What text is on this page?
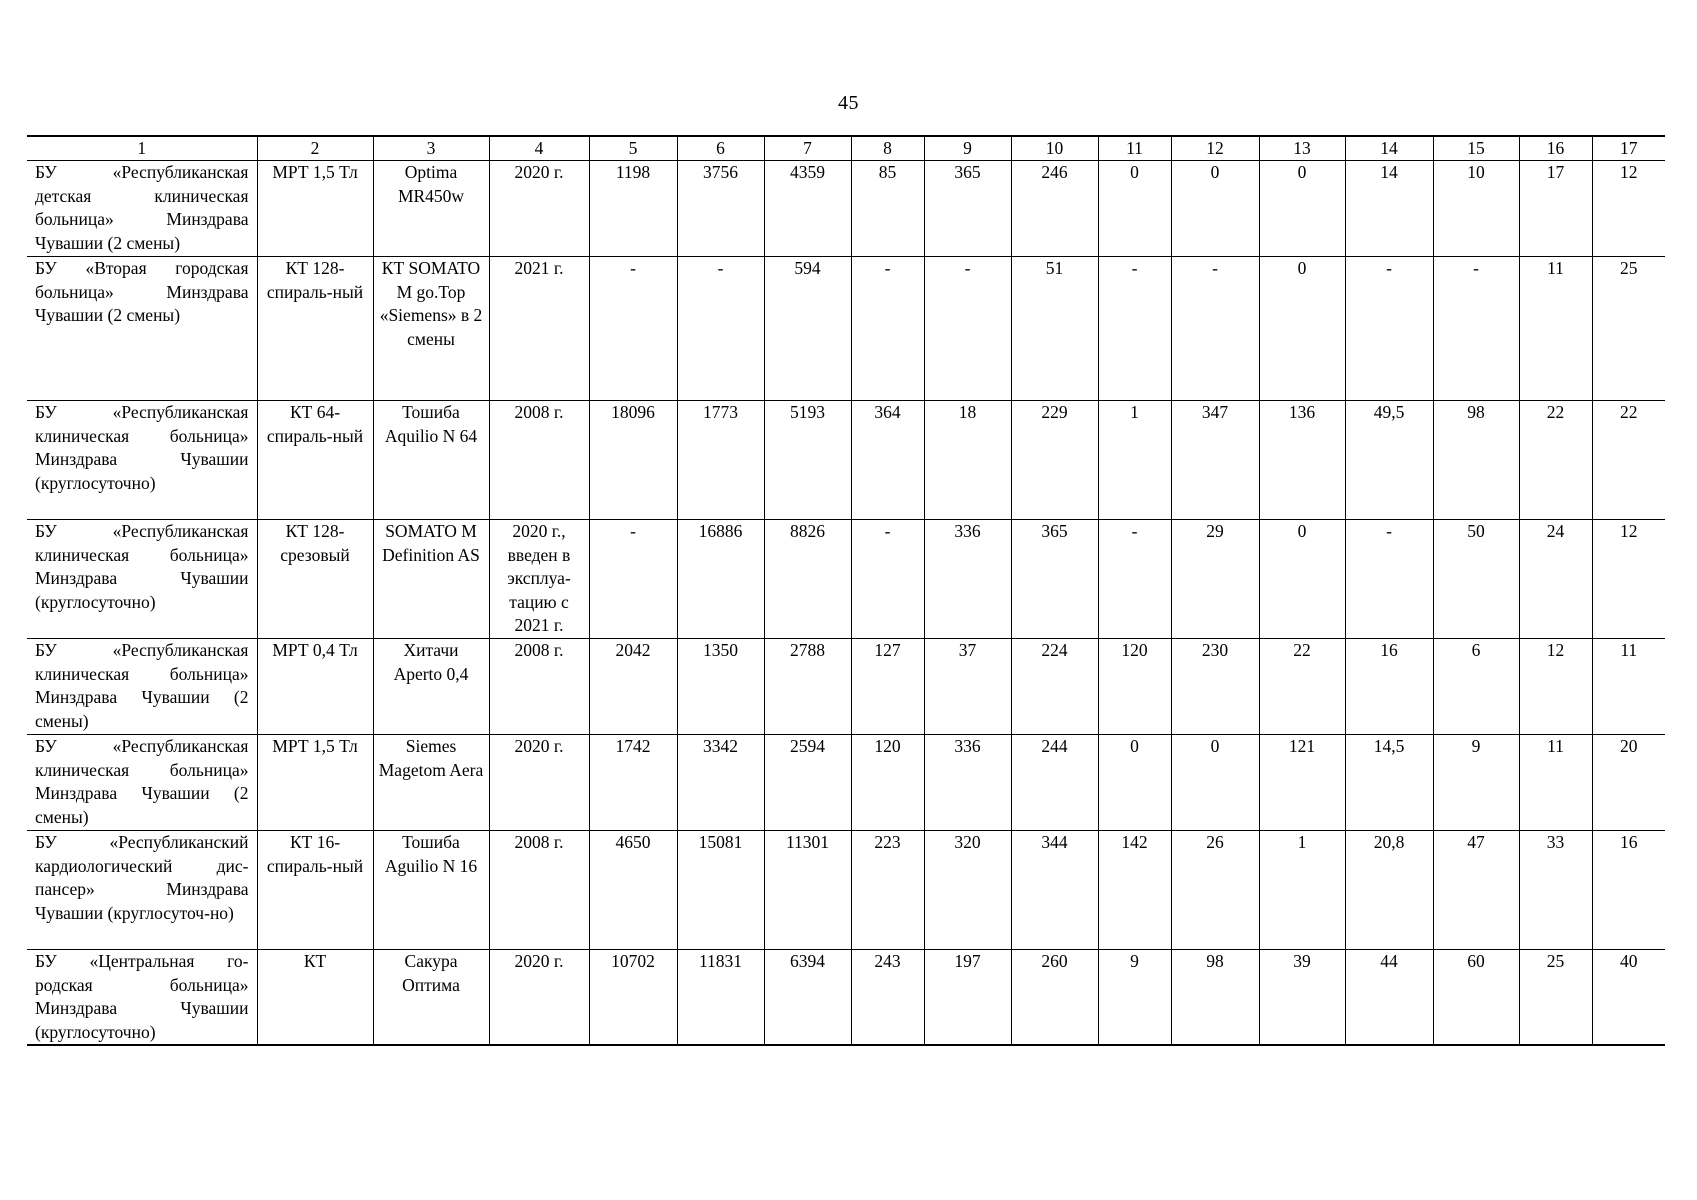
45
1	2	3	4	5	6	7	8	9	10	11	12	13	14	15	16	17
БУ «Республиканская детская клиническая больница» Минздрава Чувашии (2 смены)	МРТ 1,5 Тл	Optima MR450w	2020 г.	1198	3756	4359	85	365	246	0	0	0	14	10	17	12
БУ «Вторая городская больница» Минздрава Чувашии (2 смены)	КТ 128-спираль-ный	КТ SOMATO M go.Top «Siemens» в 2 смены	2021 г.	-	-	594	-	-	51	-	-	0	-	-	11	25
БУ «Республиканская клиническая больница» Минздрава Чувашии (круглосуточно)	КТ 64-спираль-ный	Тошиба Aquilio N 64	2008 г.	18096	1773	5193	364	18	229	1	347	136	49,5	98	22	22
БУ «Республиканская клиническая больница» Минздрава Чувашии (круглосуточно)	КТ 128-срезовый	SOMATO M Definition AS	2020 г., введен в эксплуа-тацию с 2021 г.	-	16886	8826	-	336	365	-	29	0	-	50	24	12
БУ «Республиканская клиническая больница» Минздрава Чувашии (2 смены)	МРТ 0,4 Тл	Хитачи Aperto 0,4	2008 г.	2042	1350	2788	127	37	224	120	230	22	16	6	12	11
БУ «Республиканская клиническая больница» Минздрава Чувашии (2 смены)	МРТ 1,5 Тл	Siemes Magetom Aera	2020 г.	1742	3342	2594	120	336	244	0	0	121	14,5	9	11	20
БУ «Республиканский кардиологический дис-пансер» Минздрава Чувашии (круглосуточ-но)	КТ 16-спираль-ный	Тошиба Aguilio N 16	2008 г.	4650	15081	11301	223	320	344	142	26	1	20,8	47	33	16
БУ «Центральная го-родская больница» Минздрава Чувашии (круглосуточно)	КТ	Сакура Оптима	2020 г.	10702	11831	6394	243	197	260	9	98	39	44	60	25	40
